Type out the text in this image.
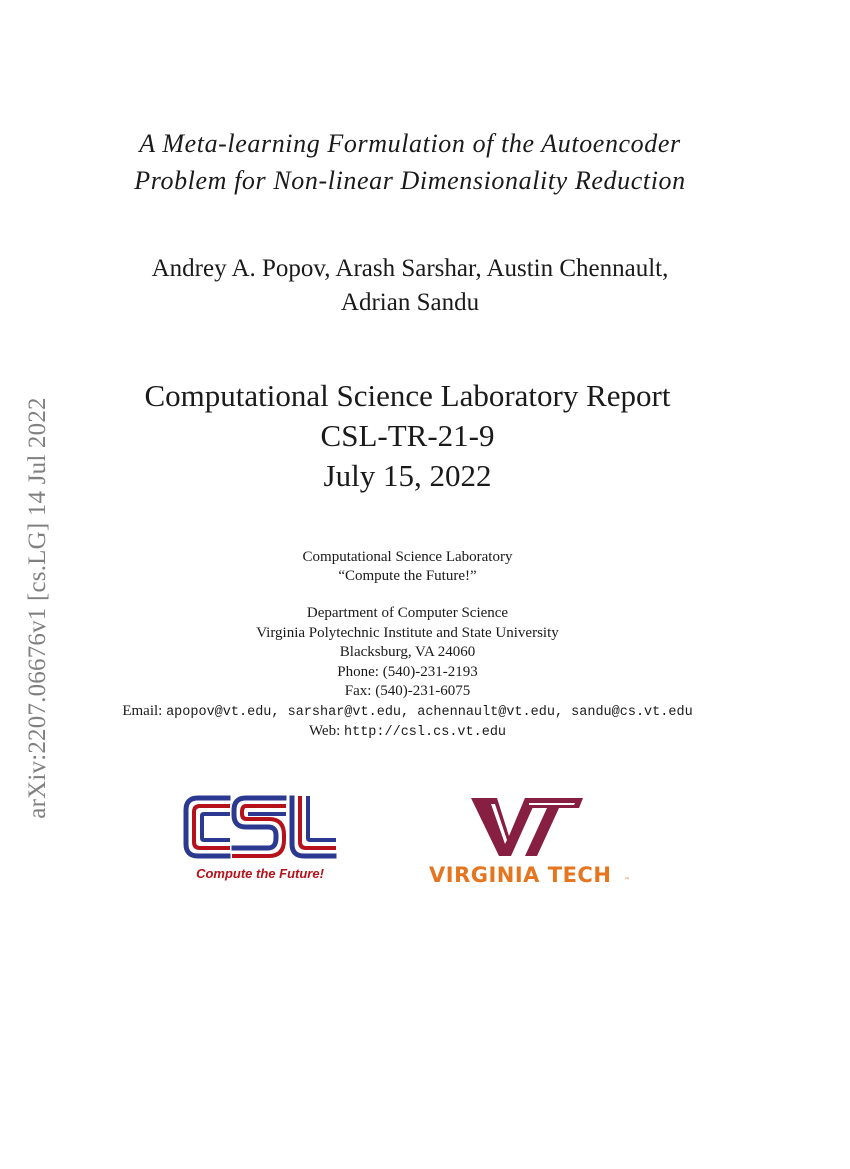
arXiv:2207.06676v1 [cs.LG] 14 Jul 2022
A Meta-learning Formulation of the Autoencoder
Problem for Non-linear Dimensionality Reduction
Andrey A. Popov, Arash Sarshar, Austin Chennault,
Adrian Sandu
Computational Science Laboratory Report
CSL-TR-21-9
July 15, 2022
Computational Science Laboratory
“Compute the Future!”
Department of Computer Science
Virginia Polytechnic Institute and State University
Blacksburg, VA 24060
Phone: (540)-231-2193
Fax: (540)-231-6075
Email: apopov@vt.edu, sarshar@vt.edu, achennault@vt.edu, sandu@cs.vt.edu
Web: http://csl.cs.vt.edu
Compute the Future!	VIRGINIA TECH ™
